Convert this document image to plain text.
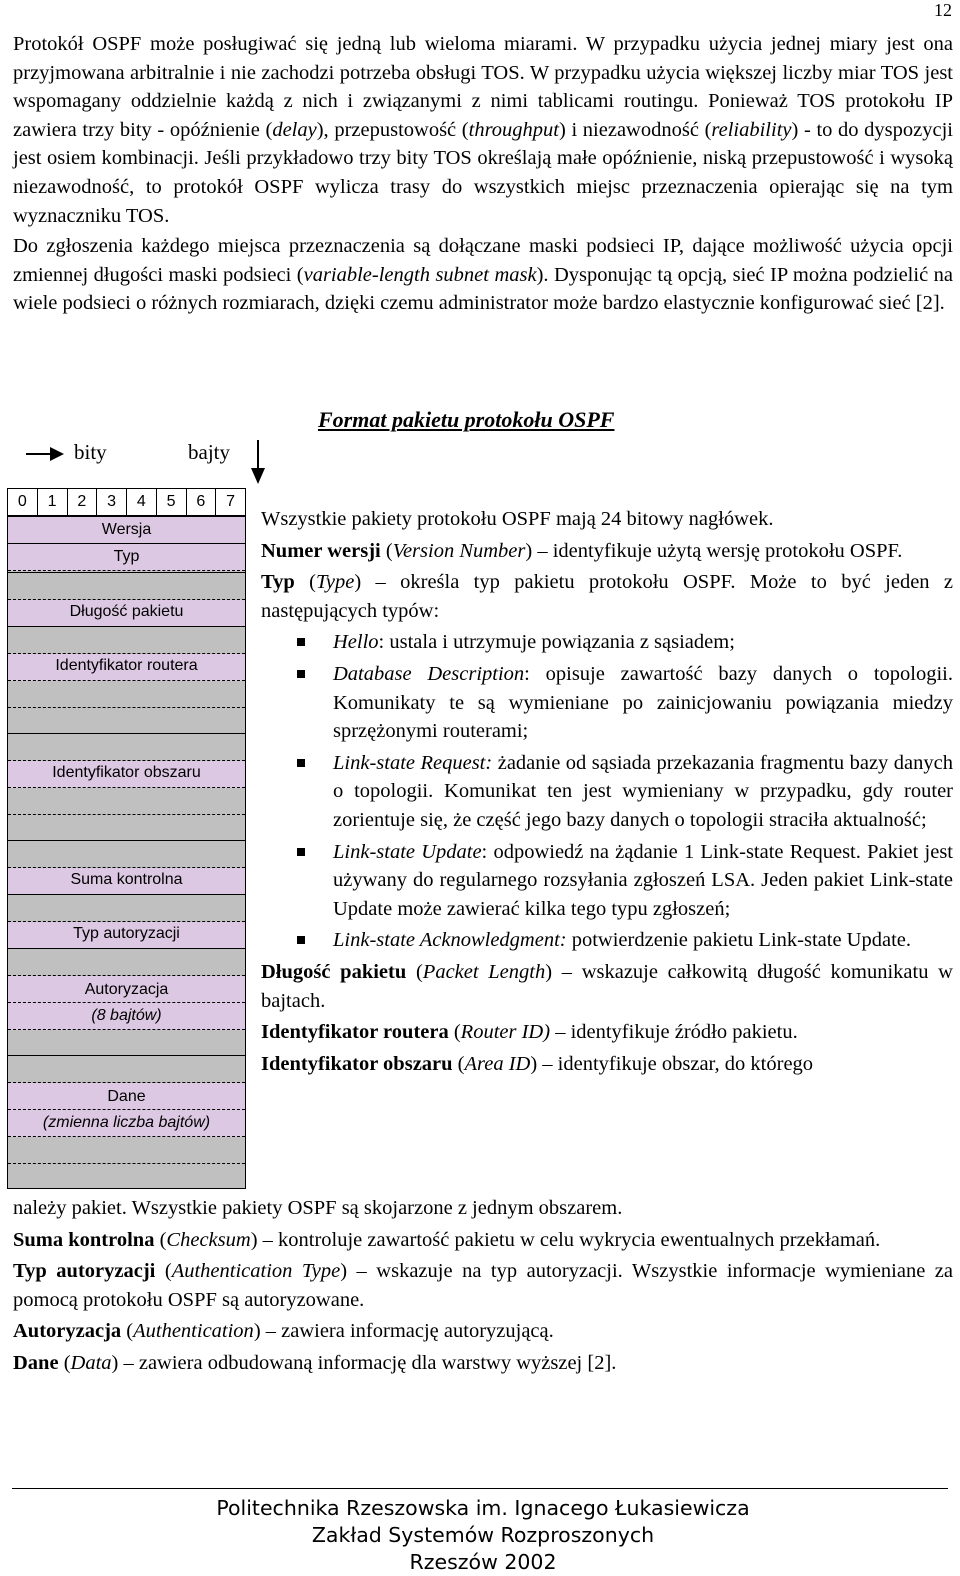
12

Protokół OSPF może posługiwać się jedną lub wieloma miarami. W przypadku użycia jednej miary jest ona przyjmowana arbitralnie i nie zachodzi potrzeba obsługi TOS. W przypadku użycia większej liczby miar TOS jest wspomagany oddzielnie każdą z nich i związanymi z nimi tablicami routingu. Ponieważ TOS protokołu IP zawiera trzy bity - opóźnienie (delay), przepustowość (throughput) i niezawodność (reliability) - to do dyspozycji jest osiem kombinacji. Jeśli przykładowo trzy bity TOS określają małe opóźnienie, niską przepustowość i wysoką niezawodność, to protokół OSPF wylicza trasy do wszystkich miejsc przeznaczenia opierając się na tym wyznaczniku TOS.

Do zgłoszenia każdego miejsca przeznaczenia są dołączane maski podsieci IP, dające możliwość użycia opcji zmiennej długości maski podsieci (variable-length subnet mask). Dysponując tą opcją, sieć IP można podzielić na wiele podsieci o różnych rozmiarach, dzięki czemu administrator może bardzo elastycznie konfigurować sieć [2].

Format pakietu protokołu OSPF
bity	bajty
0	1	2	3	4	5	6	7
Wersja
Typ
Długość pakietu
Identyfikator routera
Identyfikator obszaru
Suma kontrolna
Typ autoryzacji
Autoryzacja
(8 bajtów)
Dane
(zmienna liczba bajtów)

Wszystkie pakiety protokołu OSPF mają 24 bitowy nagłówek.

Numer wersji (Version Number) – identyfikuje użytą wersję protokołu OSPF.

Typ (Type) – określa typ pakietu protokołu OSPF. Może to być jeden z następujących typów:

Hello: ustala i utrzymuje powiązania z sąsiadem;
Database Description: opisuje zawartość bazy danych o topologii. Komunikaty te są wymieniane po zainicjowaniu powiązania miedzy sprzężonymi routerami;
Link-state Request: żadanie od sąsiada przekazania fragmentu bazy danych o topologii. Komunikat ten jest wymieniany w przypadku, gdy router zorientuje się, że część jego bazy danych o topologii straciła aktualność;
Link-state Update: odpowiedź na żądanie 1 Link-state Request. Pakiet jest używany do regularnego rozsyłania zgłoszeń LSA. Jeden pakiet Link-state Update może zawierać kilka tego typu zgłoszeń;
Link-state Acknowledgment: potwierdzenie pakietu Link-state Update.

Długość pakietu (Packet Length) – wskazuje całkowitą długość komunikatu w bajtach.

Identyfikator routera (Router ID) – identyfikuje źródło pakietu.

Identyfikator obszaru (Area ID) – identyfikuje obszar, do którego

należy pakiet. Wszystkie pakiety OSPF są skojarzone z jednym obszarem.

Suma kontrolna (Checksum) – kontroluje zawartość pakietu w celu wykrycia ewentualnych przekłamań.

Typ autoryzacji (Authentication Type) – wskazuje na typ autoryzacji. Wszystkie informacje wymieniane za pomocą protokołu OSPF są autoryzowane.

Autoryzacja (Authentication) – zawiera informację autoryzującą.

Dane (Data) – zawiera odbudowaną informację dla warstwy wyższej [2].

Politechnika Rzeszowska im. Ignacego Łukasiewicza
Zakład Systemów Rozproszonych
Rzeszów 2002
